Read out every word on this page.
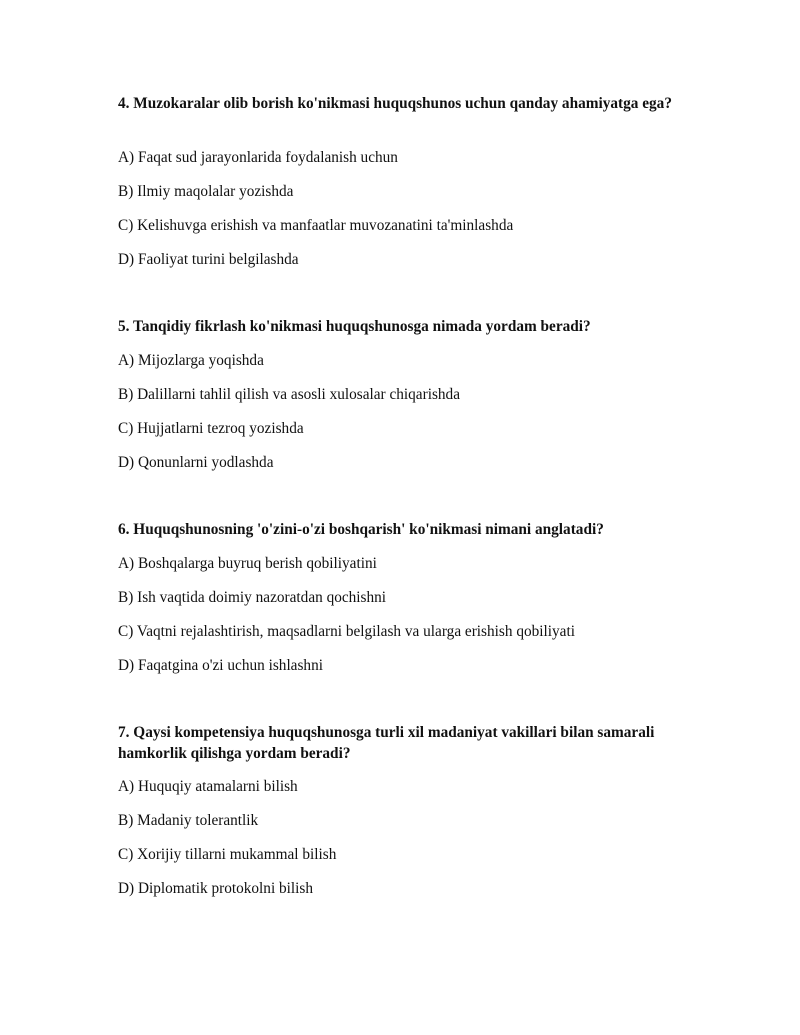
4. Muzokaralar olib borish ko'nikmasi huquqshunos uchun qanday ahamiyatga ega?

A) Faqat sud jarayonlarida foydalanish uchun

B) Ilmiy maqolalar yozishda

C) Kelishuvga erishish va manfaatlar muvozanatini ta'minlashda

D) Faoliyat turini belgilashda

5. Tanqidiy fikrlash ko'nikmasi huquqshunosga nimada yordam beradi?

A) Mijozlarga yoqishda

B) Dalillarni tahlil qilish va asosli xulosalar chiqarishda

C) Hujjatlarni tezroq yozishda

D) Qonunlarni yodlashda

6. Huquqshunosning 'o'zini-o'zi boshqarish' ko'nikmasi nimani anglatadi?

A) Boshqalarga buyruq berish qobiliyatini

B) Ish vaqtida doimiy nazoratdan qochishni

C) Vaqtni rejalashtirish, maqsadlarni belgilash va ularga erishish qobiliyati

D) Faqatgina o'zi uchun ishlashni

7. Qaysi kompetensiya huquqshunosga turli xil madaniyat vakillari bilan samarali hamkorlik qilishga yordam beradi?

A) Huquqiy atamalarni bilish

B) Madaniy tolerantlik

C) Xorijiy tillarni mukammal bilish

D) Diplomatik protokolni bilish
